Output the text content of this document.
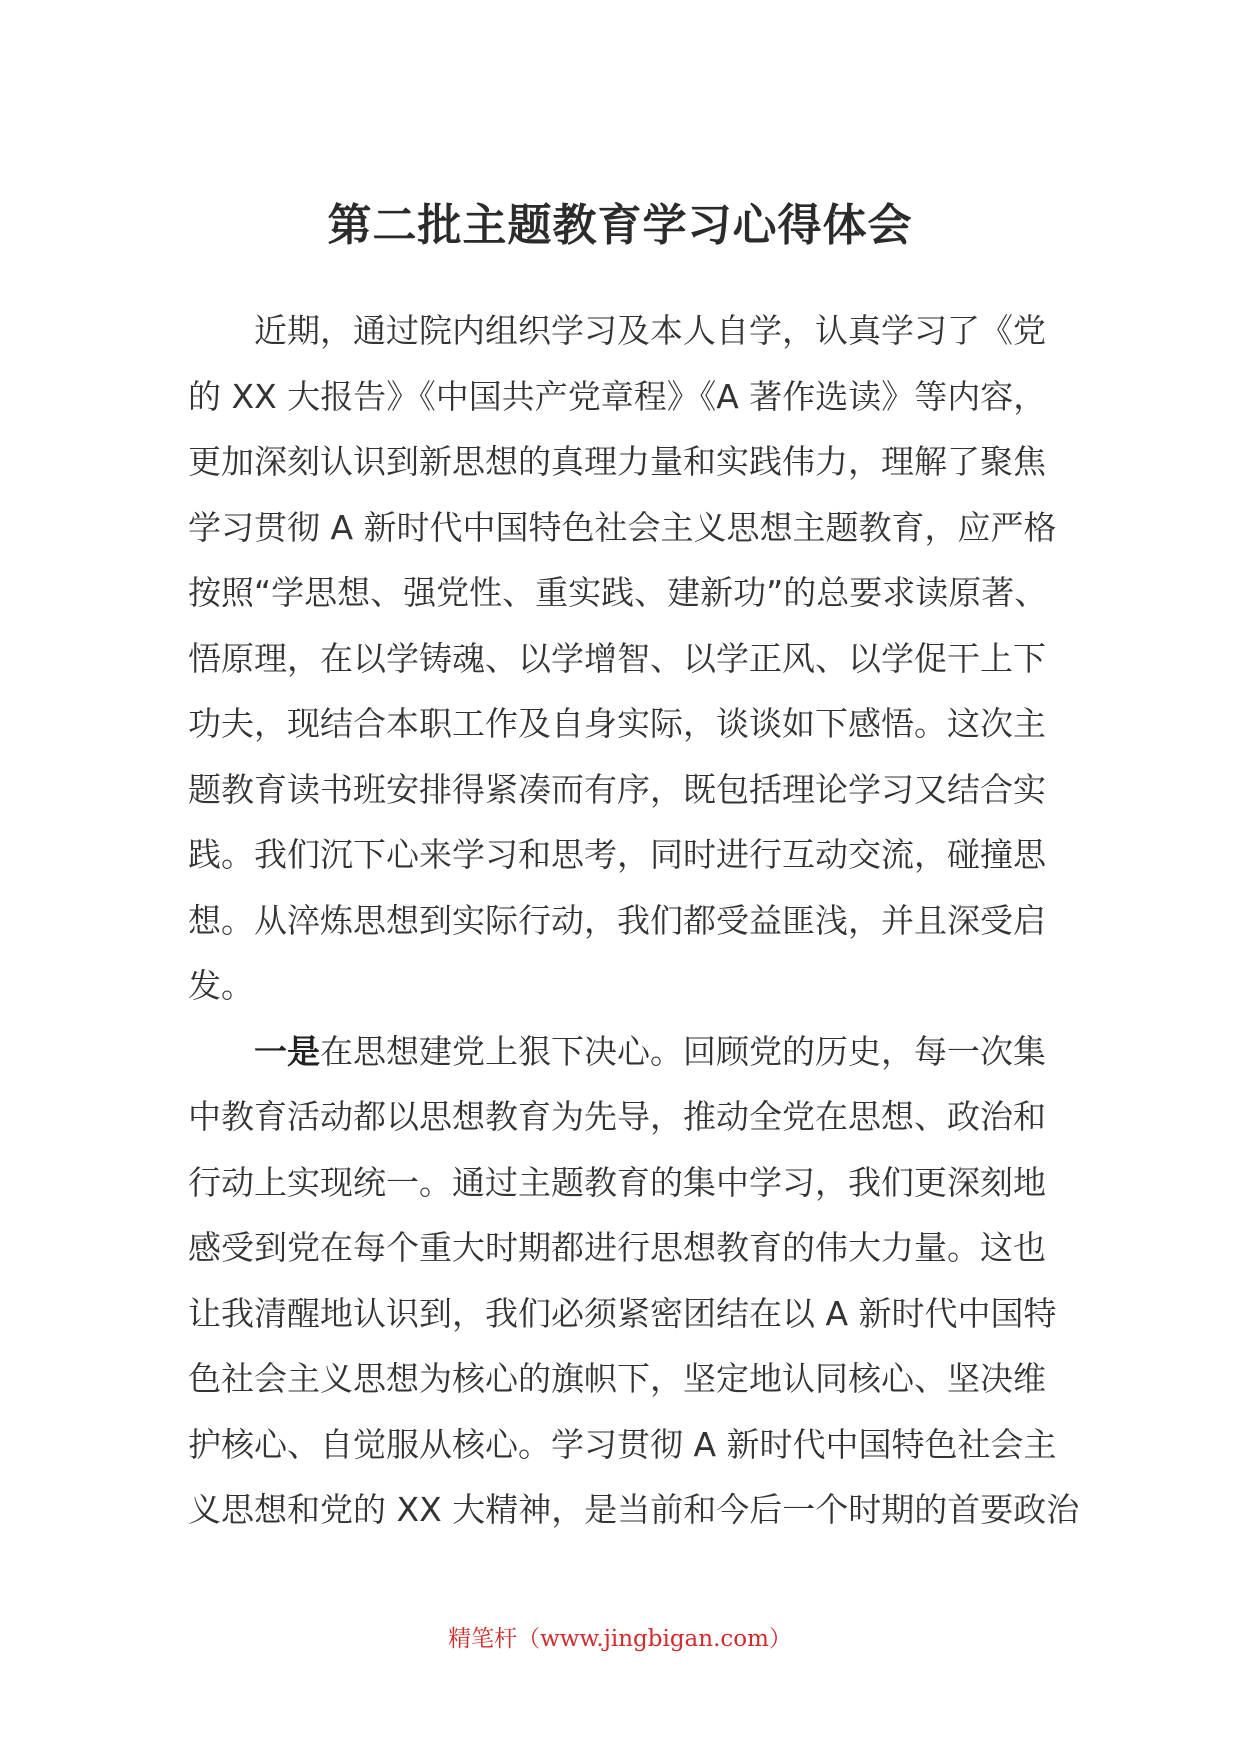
第二批主题教育学习心得体会
近期，通过院内组织学习及本人自学，认真学习了《党
的 XX 大报告》《中国共产党章程》《A 著作选读》等内容，
更加深刻认识到新思想的真理力量和实践伟力，理解了聚焦
学习贯彻 A 新时代中国特色社会主义思想主题教育，应严格
按照“学思想、强党性、重实践、建新功”的总要求读原著、
悟原理，在以学铸魂、以学增智、以学正风、以学促干上下
功夫，现结合本职工作及自身实际，谈谈如下感悟。这次主
题教育读书班安排得紧凑而有序，既包括理论学习又结合实
践。我们沉下心来学习和思考，同时进行互动交流，碰撞思
想。从淬炼思想到实际行动，我们都受益匪浅，并且深受启
发。
一是在思想建党上狠下决心。回顾党的历史，每一次集
中教育活动都以思想教育为先导，推动全党在思想、政治和
行动上实现统一。通过主题教育的集中学习，我们更深刻地
感受到党在每个重大时期都进行思想教育的伟大力量。这也
让我清醒地认识到，我们必须紧密团结在以 A 新时代中国特
色社会主义思想为核心的旗帜下，坚定地认同核心、坚决维
护核心、自觉服从核心。学习贯彻 A 新时代中国特色社会主
义思想和党的 XX 大精神，是当前和今后一个时期的首要政治
精笔杆（www.jingbigan.com）
